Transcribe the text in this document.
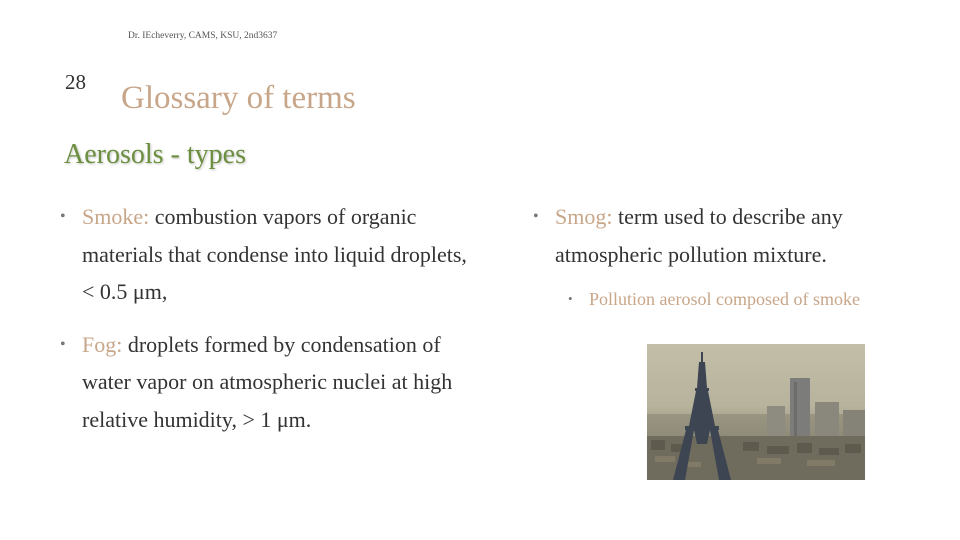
Dr. IEcheverry, CAMS, KSU, 2nd3637
28 Glossary of terms
Aerosols - types
• Smoke: combustion vapors of organic materials that condense into liquid droplets, < 0.5 μm,
• Fog: droplets formed by condensation of water vapor on atmospheric nuclei at high relative humidity, > 1 μm.
• Smog: term used to describe any atmospheric pollution mixture.
• Pollution aerosol composed of smoke
